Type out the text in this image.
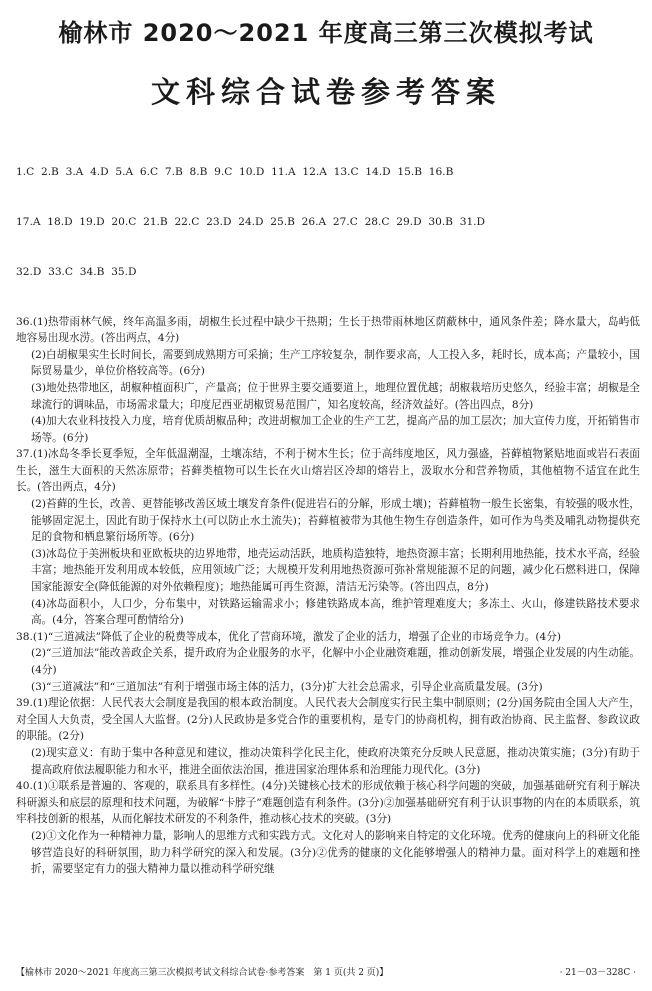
榆林市 2020～2021 年度高三第三次模拟考试
文科综合试卷参考答案

1.C  2.B  3.A  4.D  5.A  6.C  7.B  8.B  9.C  10.D  11.A  12.A  13.C  14.D  15.B  16.B

17.A  18.D  19.D  20.C  21.B  22.C  23.D  24.D  25.B  26.A  27.C  28.C  29.D  30.B  31.D

32.D  33.C  34.B  35.D

36.(1)热带雨林气候，终年高温多雨，胡椒生长过程中缺少干热期；生长于热带雨林地区荫蔽林中，通风条件差；降水量大，岛屿低地容易出现水涝。(答出两点，4分)

(2)白胡椒果实生长时间长，需要到成熟期方可采摘；生产工序较复杂，制作要求高，人工投入多，耗时长，成本高；产量较小，国际贸易量少，单位价格较高等。(6分)

(3)地处热带地区，胡椒种植面积广，产量高；位于世界主要交通要道上，地理位置优越；胡椒栽培历史悠久，经验丰富；胡椒是全球流行的调味品，市场需求量大；印度尼西亚胡椒贸易范围广，知名度较高，经济效益好。(答出四点，8分)

(4)加大农业科技投入力度，培育优质胡椒品种；改进胡椒加工企业的生产工艺，提高产品的加工层次；加大宣传力度，开拓销售市场等。(6分)

37.(1)冰岛冬季长夏季短，全年低温潮湿，土壤冻结，不利于树木生长；位于高纬度地区，风力强盛，苔藓植物紧贴地面或岩石表面生长，滋生大面积的天然冻原带；苔藓类植物可以生长在火山熔岩区冷却的熔岩上，汲取水分和营养物质，其他植物不适宜在此生长。(答出两点，4分)

(2)苔藓的生长，改善、更替能够改善区域土壤发育条件(促进岩石的分解，形成土壤)；苔藓植物一般生长密集，有较强的吸水性，能够固定泥土，因此有助于保持水土(可以防止水土流失)；苔藓植被带为其他生物生存创造条件，如可作为鸟类及哺乳动物提供充足的食物和栖息繁衍场所等。(6分)

(3)冰岛位于美洲板块和亚欧板块的边界地带，地壳运动活跃，地质构造独特，地热资源丰富；长期利用地热能，技术水平高，经验丰富；地热能开发利用成本较低，应用领域广泛；大规模开发利用地热资源可弥补常规能源不足的问题，减少化石燃料进口，保障国家能源安全(降低能源的对外依赖程度)；地热能属可再生资源，清洁无污染等。(答出四点，8分)

(4)冰岛面积小，人口少，分布集中，对铁路运输需求小；修建铁路成本高，维护管理难度大；多冻土、火山，修建铁路技术要求高。(4分，答案合理可酌情给分)

38.(1)“三道减法”降低了企业的税费等成本，优化了营商环境，激发了企业的活力，增强了企业的市场竞争力。(4分)

(2)“三道加法”能改善政企关系，提升政府为企业服务的水平，化解中小企业融资难题，推动创新发展，增强企业发展的内生动能。(4分)

(3)“三道减法”和“三道加法”有利于增强市场主体的活力，(3分)扩大社会总需求，引导企业高质量发展。(3分)

39.(1)理论依据：人民代表大会制度是我国的根本政治制度。人民代表大会制度实行民主集中制原则；(2分)国务院由全国人大产生，对全国人大负责，受全国人大监督。(2分)人民政协是多党合作的重要机构，是专门的协商机构，拥有政治协商、民主监督、参政议政的职能。(2分)

(2)现实意义：有助于集中各种意见和建议，推动决策科学化民主化，使政府决策充分反映人民意愿，推动决策实施；(3分)有助于提高政府依法履职能力和水平，推进全面依法治国，推进国家治理体系和治理能力现代化。(3分)

40.(1)①联系是普遍的、客观的，联系具有多样性。(4分)关键核心技术的形成依赖于核心科学问题的突破，加强基础研究有利于解决科研源头和底层的原理和技术问题，为破解“卡脖子”难题创造有利条件。(3分)②加强基础研究有利于认识事物的内在的本质联系，筑牢科技创新的根基，从而化解技术研发的不利条件，推动核心技术的突破。(3分)

(2)①文化作为一种精神力量，影响人的思维方式和实践方式。文化对人的影响来自特定的文化环境。优秀的健康向上的科研文化能够营造良好的科研氛围，助力科学研究的深入和发展。(3分)②优秀的健康的文化能够增强人的精神力量。面对科学上的难题和挫折，需要坚定有力的强大精神力量以推动科学研究继

【榆林市 2020～2021 年度高三第三次模拟考试文科综合试卷·参考答案　第 1 页(共 2 页)】	· 21－03－328C ·
